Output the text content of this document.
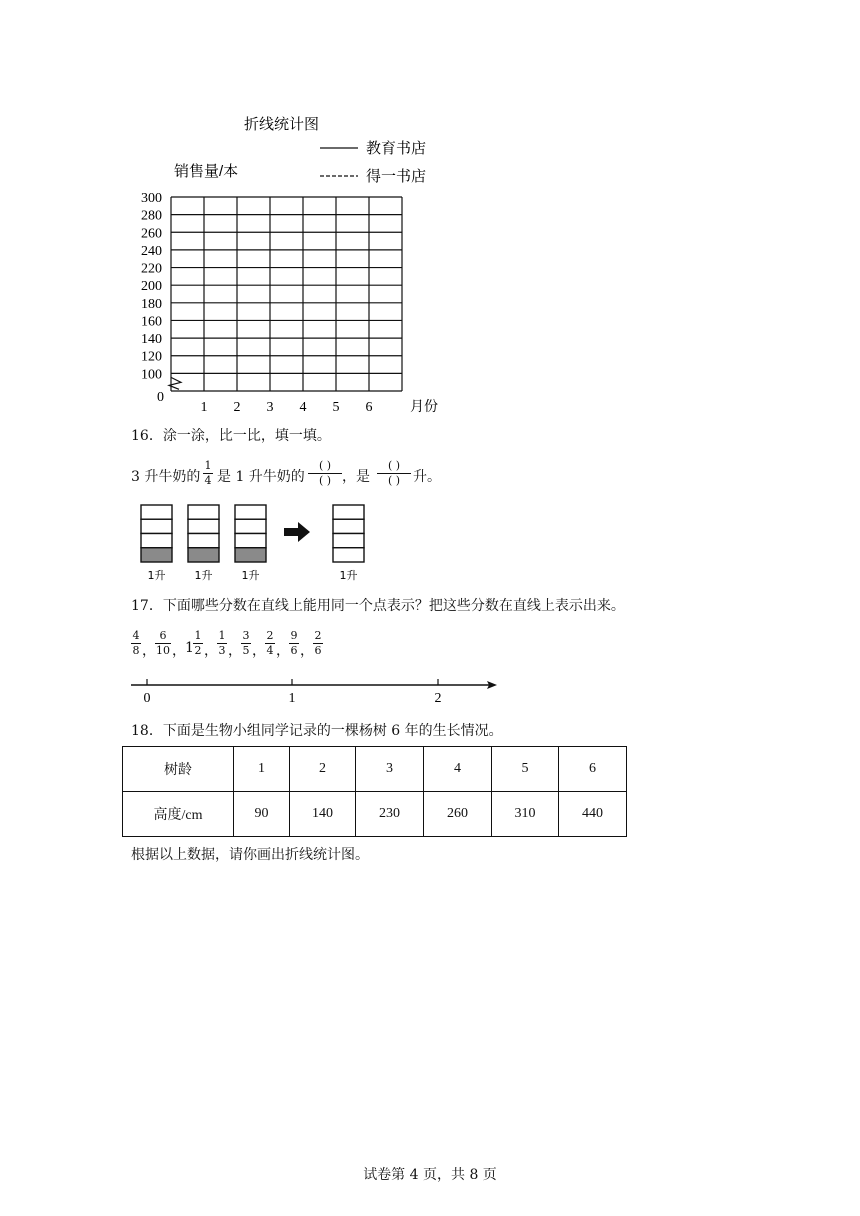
300
280
260
240
220
200
180
160
140
120
100
0
1 2 3 4 5 6	月份
折线统计图
销售量/本
教育书店
得一书店
16．涂一涂，比一比，填一填。
3 升牛奶的
1
4 是 1 升牛奶的
( )
( ) ，是
( )
( ) 升。
1升	1升	1升	1升
17．下面哪些分数在直线上能用同一个点表示？把这些分数在直线上表示出来。
4
8 ，
6
10 ， 1
1
2 ，
1
3 ，
3
5 ，
2
4 ，
9
6 ，
2
6
0	1	2
18．下面是生物小组同学记录的一棵杨树 6 年的生长情况。
树龄	1	2	3	4	5	6
高度/cm	90	140	230	260	310	440
根据以上数据，请你画出折线统计图。
试卷第 4 页，共 8 页
